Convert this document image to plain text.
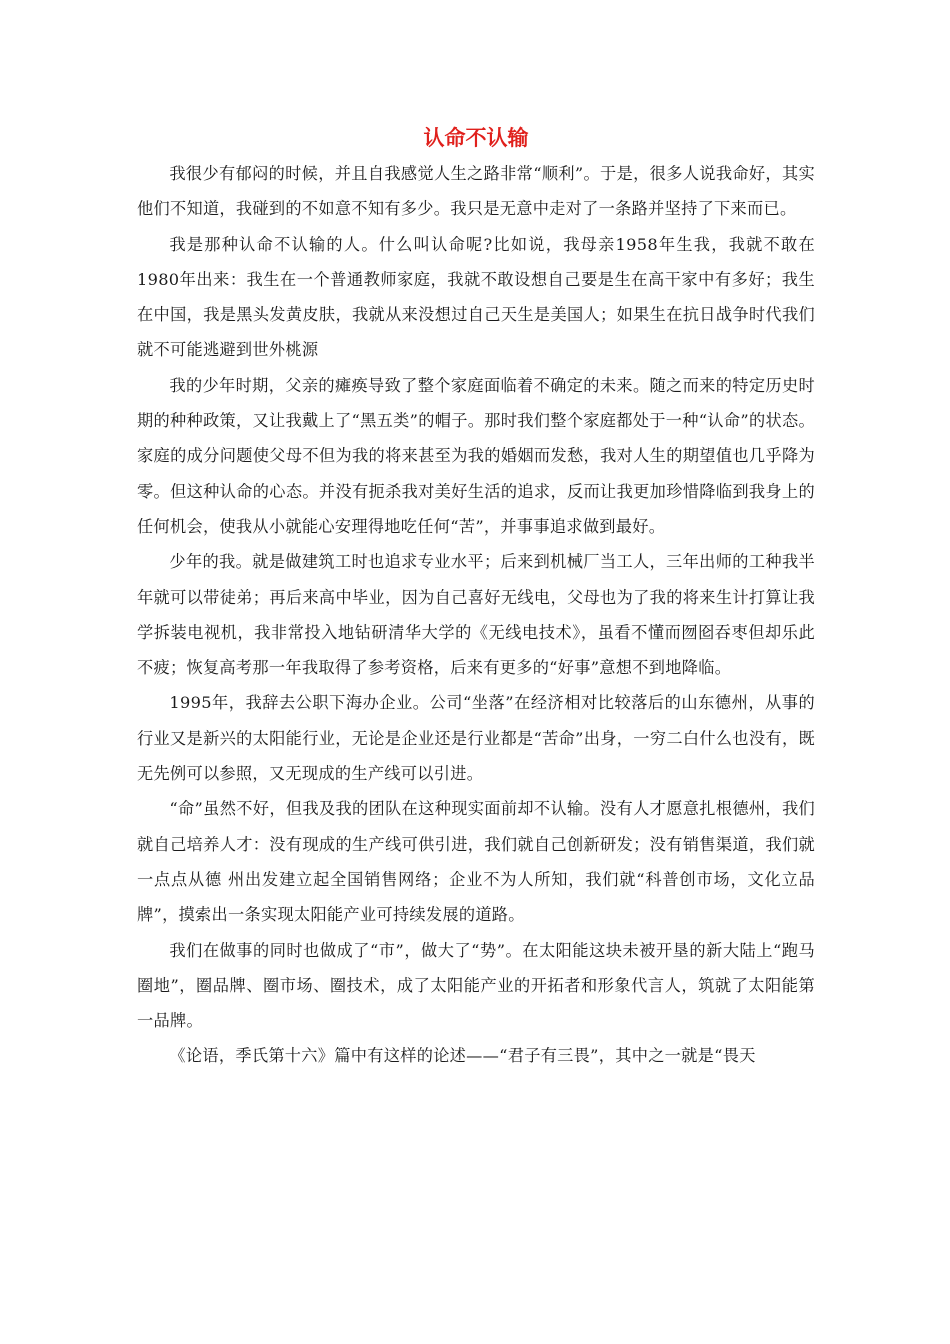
认命不认输

我很少有郁闷的时候，并且自我感觉人生之路非常“顺利”。于是，很多人说我命好，其实他们不知道，我碰到的不如意不知有多少。我只是无意中走对了一条路并坚持了下来而已。

我是那种认命不认输的人。什么叫认命呢?比如说，我母亲1958年生我，我就不敢在1980年出来：我生在一个普通教师家庭，我就不敢设想自己要是生在高干家中有多好；我生在中国，我是黑头发黄皮肤，我就从来没想过自己天生是美国人；如果生在抗日战争时代我们就不可能逃避到世外桃源

我的少年时期，父亲的瘫痪导致了整个家庭面临着不确定的未来。随之而来的特定历史时期的种种政策，又让我戴上了“黑五类”的帽子。那时我们整个家庭都处于一种“认命”的状态。家庭的成分问题使父母不但为我的将来甚至为我的婚姻而发愁，我对人生的期望值也几乎降为零。但这种认命的心态。并没有扼杀我对美好生活的追求，反而让我更加珍惜降临到我身上的任何机会，使我从小就能心安理得地吃任何“苦”，并事事追求做到最好。

少年的我。就是做建筑工时也追求专业水平；后来到机械厂当工人，三年出师的工种我半年就可以带徒弟；再后来高中毕业，因为自己喜好无线电，父母也为了我的将来生计打算让我学拆装电视机，我非常投入地钻研清华大学的《无线电技术》，虽看不懂而囫囵吞枣但却乐此不疲；恢复高考那一年我取得了参考资格，后来有更多的“好事”意想不到地降临。

1995年，我辞去公职下海办企业。公司“坐落”在经济相对比较落后的山东德州，从事的行业又是新兴的太阳能行业，无论是企业还是行业都是“苦命”出身，一穷二白什么也没有，既无先例可以参照，又无现成的生产线可以引进。

“命”虽然不好，但我及我的团队在这种现实面前却不认输。没有人才愿意扎根德州，我们就自己培养人才：没有现成的生产线可供引进，我们就自己创新研发；没有销售渠道，我们就一点点从德 州出发建立起全国销售网络；企业不为人所知，我们就“科普创市场，文化立品牌”，摸索出一条实现太阳能产业可持续发展的道路。

我们在做事的同时也做成了“市”，做大了“势”。在太阳能这块未被开垦的新大陆上“跑马圈地”，圈品牌、圈市场、圈技术，成了太阳能产业的开拓者和形象代言人，筑就了太阳能第一品牌。

《论语，季氏第十六》篇中有这样的论述——“君子有三畏”，其中之一就是“畏天
